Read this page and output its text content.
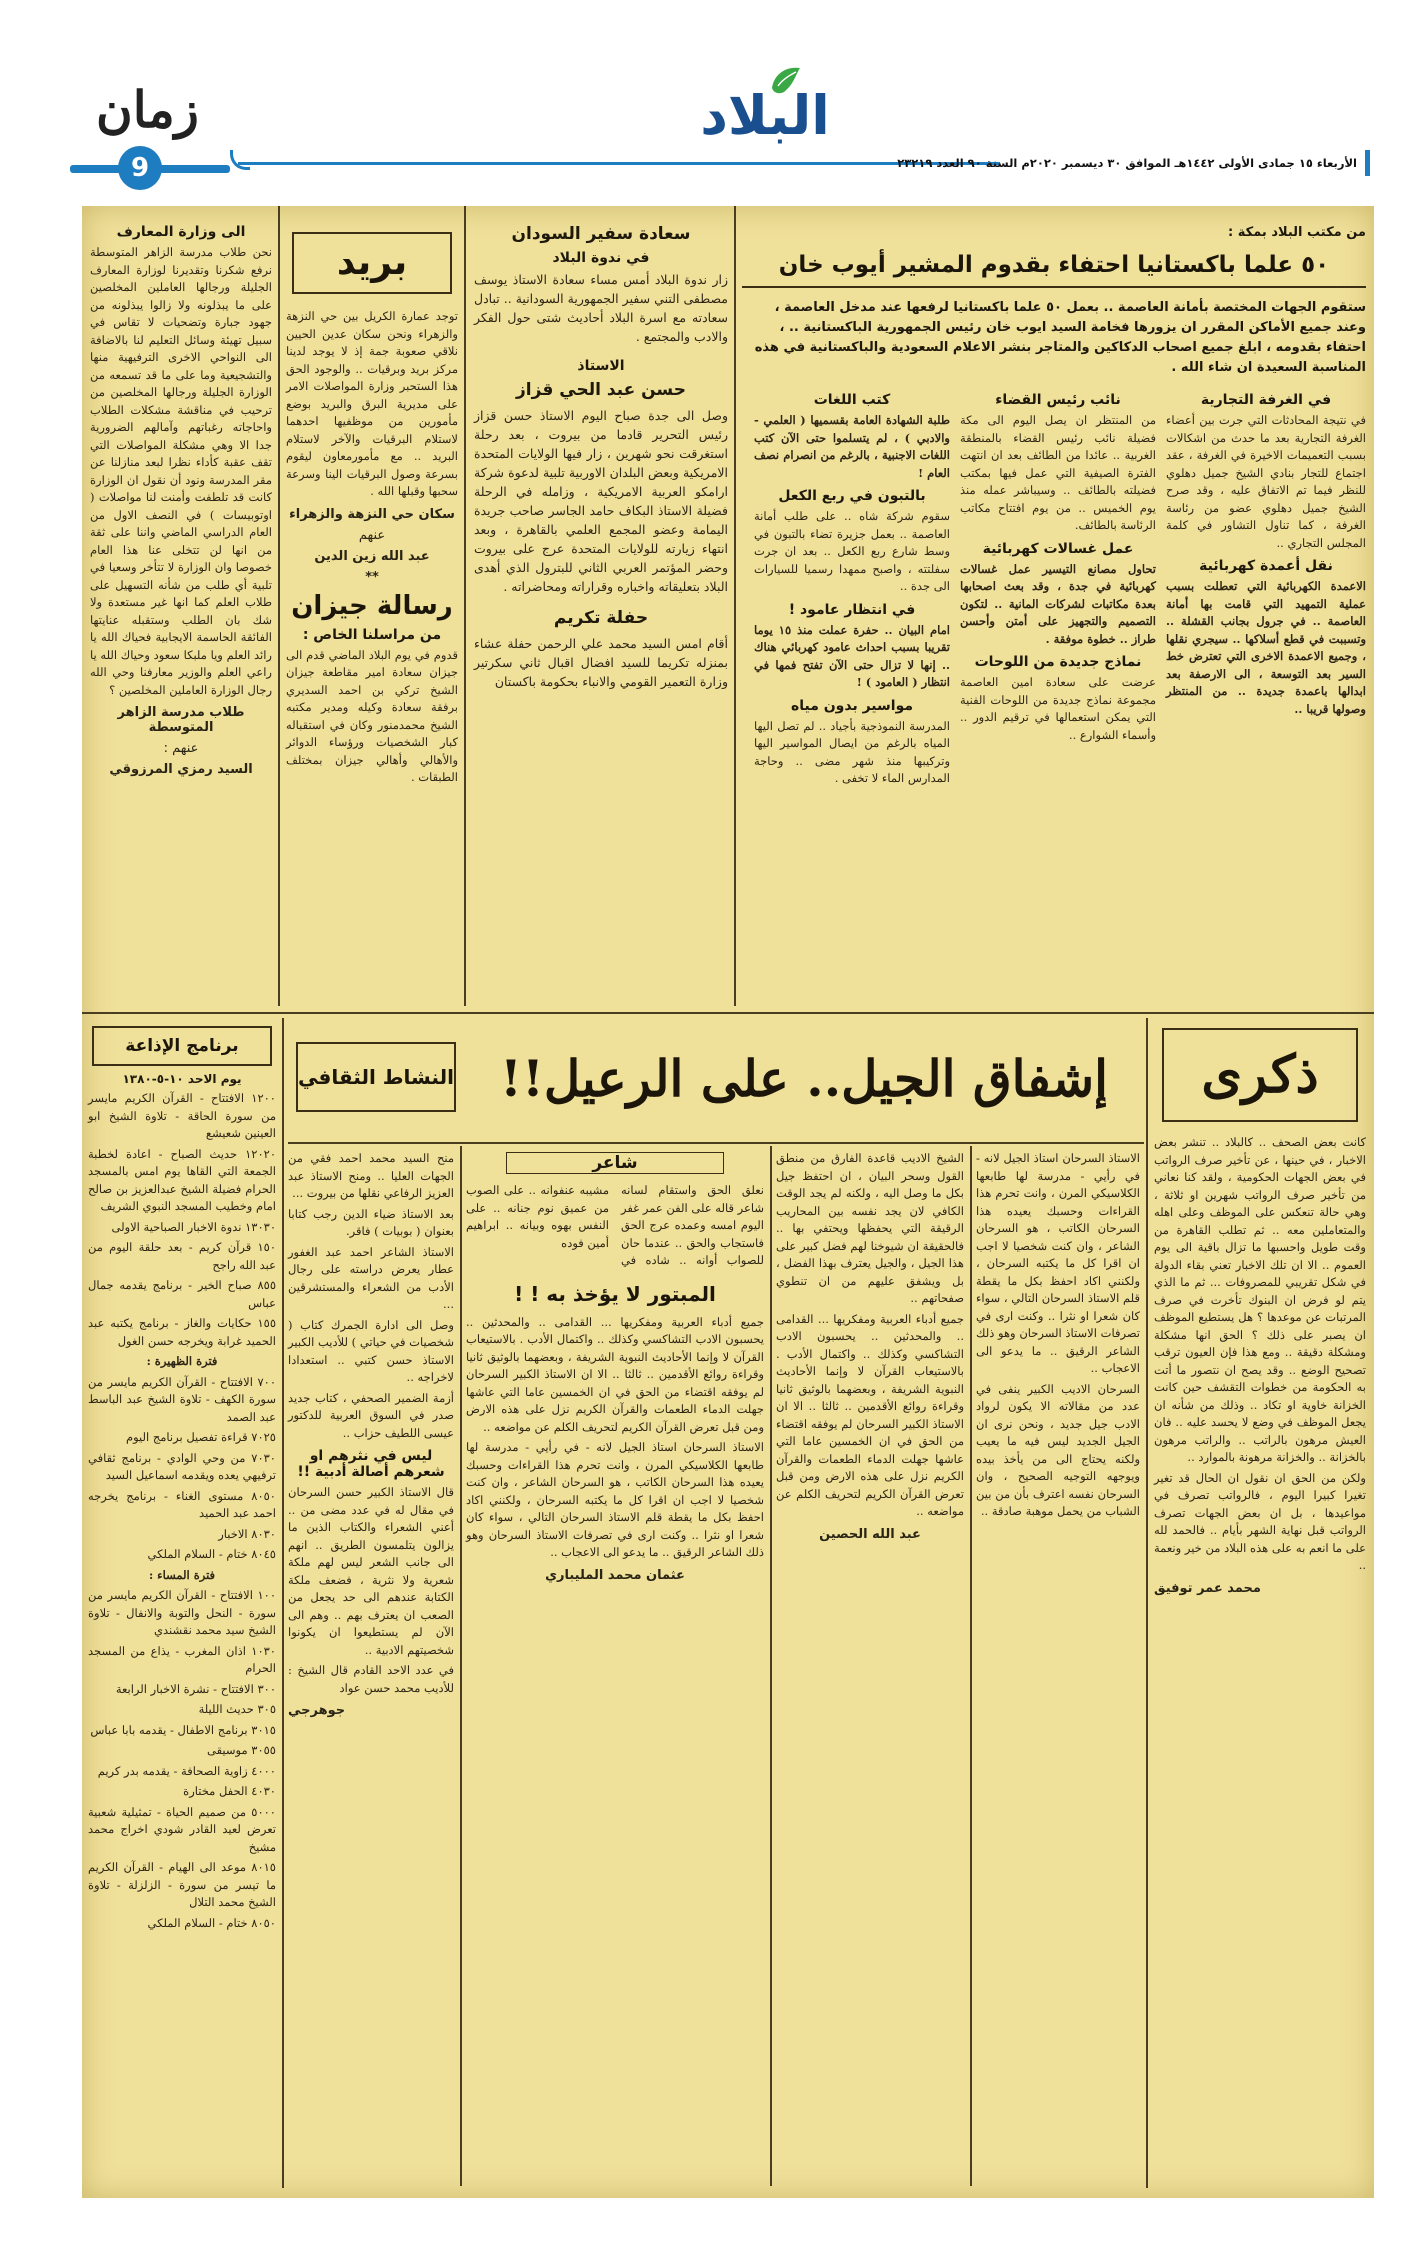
زمان
9
البلاد
الأربعاء ١٥ جمادى الأولى ١٤٤٢هـ الموافق ٣٠ ديسمبر ٢٠٢٠م السنة ٩٠ العدد ٢٣٢١٩
من مكتب البلاد بمكة :
٥٠ علما باكستانيا احتفاء بقدوم المشير أيوب خان
ستقوم الجهات المختصة بأمانة العاصمة .. بعمل ٥٠ علما باكستانيا لرفعها عند مدخل العاصمة ، وعند جميع الأماكن المقرر ان يزورها فخامة السيد ايوب خان رئيس الجمهورية الباكستانية .. ، احتفاء بقدومه ، ابلغ جميع اصحاب الدكاكين والمتاجر بنشر الاعلام السعودية والباكستانية في هذه المناسبة السعيدة ان شاء الله .
في الغرفة التجارية
في نتيجة المحادثات التي جرت بين أعضاء الغرفة التجارية بعد ما حدث من اشكالات بسبب التعميمات الاخيرة في الغرفة ، عقد اجتماع للتجار بنادي الشيخ جميل دهلوي للنظر فيما تم الاتفاق عليه ، وقد صرح الشيخ جميل دهلوي عضو من رئاسة الغرفة ، كما تناول التشاور في كلمة المجلس التجاري ..
نقل أعمدة كهربائية
الاعمدة الكهربائية التي تعطلت بسبب عملية التمهيد التي قامت بها أمانة العاصمة .. في جرول بجانب القشلة .. وتسببت في قطع أسلاكها .. سيجري نقلها ، وجميع الاعمدة الاخرى التي تعترض خط السير بعد التوسعة ، الى الارصفة بعد ابدالها باعمدة جديدة .. من المنتظر وصولها قريبا ..
نائب رئيس القضاء
من المنتظر ان يصل اليوم الى مكة فضيلة نائب رئيس القضاء بالمنطقة الغربية .. عائدا من الطائف بعد ان انتهت الفترة الصيفية التي عمل فيها بمكتب فضيلته بالطائف .. وسيباشر عمله منذ يوم الخميس .. من يوم افتتاح مكاتب الرئاسة بالطائف.
عمل غسالات كهربائية
تحاول مصانع التيسير عمل غسالات كهربائية في جدة ، وقد بعث اصحابها بعدة مكاتبات لشركات المانية .. لتكون التصميم والتجهيز على أمتن وأحسن طراز .. خطوة موفقة .
نماذج جديدة من اللوحات
عرضت على سعادة امين العاصمة مجموعة نماذج جديدة من اللوحات الفنية التي يمكن استعمالها في ترقيم الدور .. وأسماء الشوارع ..
كتب اللغات
طلبة الشهادة العامة بقسميها ( العلمي - والادبي ) ، لم يتسلموا حتى الآن كتب اللغات الاجنبية ، بالرغم من انصرام نصف العام !
بالتبون في ربع الكعل
سقوم شركة شاه .. على طلب أمانة العاصمة .. بعمل جزيرة تضاء بالتبون في وسط شارع ربع الكعل .. بعد ان جرت سفلتته ، واصبح ممهدا رسميا للسيارات الى جدة ..
في انتظار عامود !
امام البيان .. حفرة عملت منذ ١٥ يوما تقريبا بسبب احداث عامود كهربائي هناك .. إنها لا تزال حتى الآن تفتح فمها في انتظار ( العامود ) !
مواسير بدون مياه
المدرسة النموذجية بأجياد .. لم تصل اليها المياه بالرغم من ايصال المواسير اليها وتركيبها منذ شهر مضى .. وحاجة المدارس الماء لا تخفى .
سعادة سفير السودان
في ندوة البلاد
زار ندوة البلاد أمس مساء سعادة الاستاذ يوسف مصطفى التني سفير الجمهورية السودانية .. تبادل سعادته مع اسرة البلاد أحاديث شتى حول الفكر والادب والمجتمع .
الاستاذ
حسن عبد الحي قزاز
وصل الى جدة صباح اليوم الاستاذ حسن قزاز رئيس التحرير قادما من بيروت ، بعد رحلة استغرقت نحو شهرين ، زار فيها الولايات المتحدة الامريكية وبعض البلدان الاوربية تلبية لدعوة شركة ارامكو العربية الامريكية ، وزامله في الرحلة فضيلة الاستاذ البكاف حامد الجاسر صاحب جريدة اليمامة وعضو المجمع العلمي بالقاهرة ، وبعد انتهاء زيارته للولايات المتحدة عرج على بيروت وحضر المؤتمر العربي الثاني للبترول الذي أهدى البلاد بتعليقاته واخباره وقراراته ومحاضراته .
حفلة تكريم
أقام امس السيد محمد علي الرحمن حفلة عشاء بمنزله تكريما للسيد افضال اقبال ثاني سكرتير وزارة التعمير القومي والانباء بحكومة باكستان
بريد
توجد عمارة الكريل بين حي النزهة والزهراء ونحن سكان عدين الحيين نلاقي صعوبة جمة إذ لا يوجد لدينا مركز بريد وبرقيات .. والوجود الحق هذا الستحبر وزارة المواصلات الامر على مديرية البرق والبريد بوضع مأمورين من موظفيها احدهما لاستلام البرقيات والآخر لاستلام البريد .. مع مأمورمعاون ليقوم بسرعة وصول البرقيات الينا وسرعة سحبها وقبلها الله .
سكان حي النزهة والزهراء
عنهم
عبد الله زين الدين
**
رسالة جيزان
من مراسلنا الخاص :
قدوم في يوم البلاد الماضي قدم الى جيزان سعادة امير مقاطعة جيزان الشيخ تركي بن احمد السديري برفقة سعادة وكيله ومدير مكتبه الشيخ محمدمنور وكان في استقباله كبار الشخصيات ورؤساء الدوائر والأهالي وأهالي جيزان بمختلف الطبقات .
الى وزارة المعارف
نحن طلاب مدرسة الزاهر المتوسطة نرفع شكرنا وتقديرنا لوزارة المعارف الجليلة ورجالها العاملين المخلصين على ما يبذلونه ولا زالوا يبذلونه من جهود جبارة وتضحيات لا تقاس في سبيل تهيئة وسائل التعليم لنا بالاضافة الى النواحي الاخرى الترفيهية منها والتشجيعية وما على ما قد تسمعه من الوزارة الجليلة ورجالها المخلصين من ترحيب في مناقشة مشكلات الطلاب واحاجاته رغباتهم وآمالهم الضرورية جدا الا وهي مشكلة المواصلات التي تقف عقبة كأداء نظرا لبعد منازلنا عن مقر المدرسة ونود أن نقول ان الوزارة كانت قد تلطفت وأمنت لنا مواصلات ( اوتوبيسات ) في النصف الاول من العام الدراسي الماضي واننا على ثقة من انها لن تتخلى عنا هذا العام خصوصا وان الوزارة لا تتأخر وسعيا في تلبية أي طلب من شأنه التسهيل على طلاب العلم كما انها غير مستعدة ولا شك بان الطلب وستقبله عنايتها الفائقة الحاسمة الايجابية فحياك الله يا رائد العلم ويا ملبكا سعود وحياك الله يا راعي العلم والوزير معارفنا وحي الله رجال الوزارة العاملين المخلصين ؟
طلاب مدرسة الزاهر المتوسطة
عنهم :
السيد رمزي المرزوقي
ذكرى
كانت بعض الصحف .. كالبلاد .. تنشر بعض الاخبار ، في حينها ، عن تأخير صرف الرواتب في بعض الجهات الحكومية ، ولقد كنا نعاني من تأخير صرف الرواتب شهرين او ثلاثة ، وهي حالة تنعكس على الموظف وعلى اهله والمتعاملين معه .. ثم تطلب القاهرة من وقت طويل واحسبها ما تزال باقية الى يوم العموم .. الا ان تلك الاخبار تعني بقاء الدولة في شكل تقريبي للمصروفات ... ثم ما الذي يتم لو فرض ان البنوك تأخرت في صرف المرتبات عن موعدها ؟ هل يستطيع الموظف ان يصبر على ذلك ؟ الحق انها مشكلة ومشكلة دقيقة .. ومع هذا فإن العيون ترقب تصحيح الوضع .. وقد يصح ان نتصور ما أتت به الحكومة من خطوات التقشف حين كانت الخزانة خاوية او تكاد .. وذلك من شأنه ان يجعل الموظف في وضع لا يحسد عليه .. فان العيش مرهون بالراتب .. والراتب مرهون بالخزانة .. والخزانة مرهونة بالموارد ..
ولكن من الحق ان نقول ان الحال قد تغير تغيرا كبيرا اليوم ، فالرواتب تصرف في مواعيدها ، بل ان بعض الجهات تصرف الرواتب قبل نهاية الشهر بأيام .. فالحمد لله على ما انعم به على هذه البلاد من خير ونعمة ..
محمد عمر توفيق
إشفاق الجيل.. على الرعيل!!
النشاط الثقافي
الاستاذ السرحان استاذ الجيل لانه - في رأيي - مدرسة لها طابعها الكلاسيكي المرن ، وانت تحرم هذا القراءات وحسبك يعيده هذا السرحان الكاتب ، هو السرحان الشاعر ، وان كنت شخصيا لا اجب ان اقرا كل ما يكتبه السرحان ، ولكنني اكاد احفظ بكل ما يقطة قلم الاستاذ السرحان التالي ، سواء كان شعرا او نثرا .. وكنت ارى في تصرفات الاستاذ السرحان وهو ذلك الشاعر الرقيق .. ما يدعو الى الاعجاب ..
السرحان الاديب الكبير ينفى في عدد من مقالاته الا يكون لرواد الادب جيل جديد ، ونحن نرى ان الجيل الجديد ليس فيه ما يعيب ولكنه يحتاج الى من يأخذ بيده ويوجهه التوجيه الصحيح ، وان السرحان نفسه اعترف بأن من بين الشباب من يحمل موهبة صادقة ..
الشيخ الاديب قاعدة الفارق من منطق القول وسحر البيان ، ان احتفظ جيل بكل ما وصل اليه ، ولكنه لم يجد الوقت الكافي لان يجد نفسه بين المحاريب الرقيقة التي يحفظها ويحتفي بها .. فالحقيقة ان شيوخنا لهم فضل كبير على هذا الجيل ، والجيل يعترف بهذا الفضل ، بل ويشفق عليهم من ان تنطوي صفحاتهم ..
جميع أدباء العربية ومفكريها ... القدامى .. والمحدثين .. يحسبون الادب التشاكسي وكذلك .. واكتمال الأدب . بالاستيعاب القرآن لا وإنما الأحاديث النبوية الشريفة ، وبعضهما بالوثيق ثانيا وقراءة روائع الأقدمين .. ثالثا .. الا ان الاستاذ الكبير السرحان لم يوفقه اقتضاء من الحق في ان الخمسين عاما التي عاشها جهلت الدماء الطعمات والقرآن الكريم نزل على هذه الارض ومن قبل تعرض القرآن الكريم لتحريف الكلم عن مواضعه ..
عبد الله الحصين
شاعر
نعلق الحق واستقام لسانه شاعر قاله على الفن عمر غفر اليوم امسه وعمده عرج الحق فاستجاب والحق .. عندما حان للصواب أوانه .. شاده في مشيبه عنفوانه .. على الصوب من عميق نوم جنانه .. على النفس بهوه وبيانه .. ابراهيم أمين فوده
المبتور لا يؤخذ به ! !
جميع أدباء العربية ومفكريها ... القدامى .. والمحدثين .. يحسبون الادب التشاكسي وكذلك .. واكتمال الأدب . بالاستيعاب القرآن لا وإنما الأحاديث النبوية الشريفة ، وبعضهما بالوثيق ثانيا وقراءة روائع الأقدمين .. ثالثا .. الا ان الاستاذ الكبير السرحان لم يوفقه اقتضاء من الحق في ان الخمسين عاما التي عاشها جهلت الدماء الطعمات والقرآن الكريم نزل على هذه الارض ومن قبل تعرض القرآن الكريم لتحريف الكلم عن مواضعه ..
الاستاذ السرحان استاذ الجيل لانه - في رأيي - مدرسة لها طابعها الكلاسيكي المرن ، وانت تحرم هذا القراءات وحسبك يعيده هذا السرحان الكاتب ، هو السرحان الشاعر ، وان كنت شخصيا لا اجب ان اقرا كل ما يكتبه السرحان ، ولكنني اكاد احفظ بكل ما يقطة قلم الاستاذ السرحان التالي ، سواء كان شعرا او نثرا .. وكنت ارى في تصرفات الاستاذ السرحان وهو ذلك الشاعر الرقيق .. ما يدعو الى الاعجاب ..
عثمان محمد المليباري
منح السيد محمد احمد فقي من الجهات العليا .. ومنح الاستاذ عبد العزيز الرفاعي نقلها من بيروت ...
بعد الاستاذ ضياء الدين رجب كتابا بعنوان ( بوبيات ) فاقر.
الاستاذ الشاعر احمد عبد الغفور عطار يعرض دراسته على رجال الأدب من الشعراء والمستشرقين ...
وصل الى ادارة الجمرك كتاب ( شخصيات في حياتي ) للأديب الكبير الاستاذ حسن كتبي .. استعدادا لاخراجه ..
أزمة الضمير الصحفي ، كتاب جديد صدر في السوق العربية للدكتور عيسى اللطيف حزاب ..
ليس في نثرهم او شعرهم أصالة أدبية !!
قال الاستاذ الكبير حسن السرحان في مقال له في عدد مضى من .. أعني الشعراء والكتاب الذين ما يزالون يتلمسون الطريق .. انهم الى جانب الشعر ليس لهم ملكة شعرية ولا نثرية ، فضعف ملكة الكتابة عندهم الى حد يجعل من الصعب ان يعترف بهم .. وهم الى الآن لم يستطيعوا ان يكونوا شخصيتهم الادبية ..
في عدد الاحد القادم قال الشيخ : للأديب محمد حسن عواد
جوهرجي
برنامج الإذاعة
يوم الاحد ١٠-٥-١٣٨٠
١٢٠٠ الافتتاح - القرآن الكريم مايسر من سورة الحاقة - تلاوة الشيخ ابو العينين شعيشع
١٢٠٢٠ حديث الصباح - اعادة لخطبة الجمعة التي القاها يوم امس بالمسجد الحرام فضيلة الشيخ عبدالعزيز بن صالح امام وخطيب المسجد النبوي الشريف
١٣٠٣٠ ندوة الاخبار الصباحية الاولى
١٥٠ قرآن كريم - بعد حلقة اليوم من عبد الله راجح
٨٥٥ صباح الخير - برنامج يقدمه جمال عباس
١٥٥ حكايات والغاز - برنامج يكتبه عبد الحميد غرابة ويخرجه حسن الغول
فترة الظهيرة :
٧٠٠ الافتتاح - القرآن الكريم مايسر من سورة الكهف - تلاوة الشيخ عبد الباسط عبد الصمد
٧٠٢٥ قراءة تفصيل برنامج اليوم
٧٠٣٠ من وحي الوادي - برنامج ثقافي ترفيهي يعده ويقدمه اسماعيل السيد
٨٠٥٠ مستوى الغناء - برنامج يخرجه احمد عبد الحميد
٨٠٣٠ الاخبار
٨٠٤٥ ختام - السلام الملكي
فترة المساء :
١٠٠ الافتتاح - القرآن الكريم مايسر من سورة - النحل والتوبة والانفال - تلاوة الشيخ سيد محمد نقشندي
١٠٣٠ اذان المغرب - يذاع من المسجد الحرام
٣٠٠ الافتتاح - نشرة الاخبار الرابعة
٣٠٥ حديث الليلة
٣٠١٥ برنامج الاطفال - يقدمه بابا عباس
٣٠٥٥ موسيقى
٤٠٠٠ زاوية الصحافة - يقدمه بدر كريم
٤٠٣٠ الحفل مختارة
٥٠٠٠ من صميم الحياة - تمثيلية شعبية تعرض لعيد القادر شودي اخراج محمد مشيخ
٨٠١٥ موعد الى الهيام - القرآن الكريم ما تيسر من سورة - الزلزلة - تلاوة الشيخ محمد التلال
٨٠٥٠ ختام - السلام الملكي
